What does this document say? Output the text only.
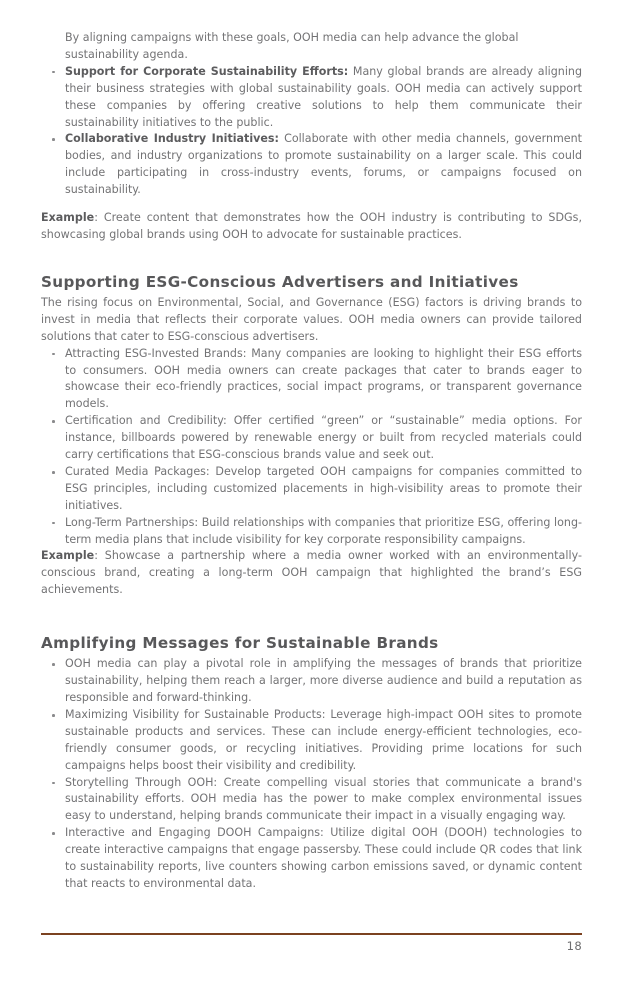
By aligning campaigns with these goals, OOH media can help advance the global sustainability agenda.

Support for Corporate Sustainability Efforts: Many global brands are already aligning their business strategies with global sustainability goals. OOH media can actively support these companies by offering creative solutions to help them communicate their sustainability initiatives to the public.
Collaborative Industry Initiatives: Collaborate with other media channels, government bodies, and industry organizations to promote sustainability on a larger scale. This could include participating in cross-industry events, forums, or campaigns focused on sustainability.

Example: Create content that demonstrates how the OOH industry is contributing to SDGs, showcasing global brands using OOH to advocate for sustainable practices.

Supporting ESG-Conscious Advertisers and Initiatives

The rising focus on Environmental, Social, and Governance (ESG) factors is driving brands to invest in media that reflects their corporate values. OOH media owners can provide tailored solutions that cater to ESG-conscious advertisers.

Attracting ESG-Invested Brands: Many companies are looking to highlight their ESG efforts to consumers. OOH media owners can create packages that cater to brands eager to showcase their eco-friendly practices, social impact programs, or transparent governance models.
Certification and Credibility: Offer certified “green” or “sustainable” media options. For instance, billboards powered by renewable energy or built from recycled materials could carry certifications that ESG-conscious brands value and seek out.
Curated Media Packages: Develop targeted OOH campaigns for companies committed to ESG principles, including customized placements in high-visibility areas to promote their initiatives.
Long-Term Partnerships: Build relationships with companies that prioritize ESG, offering long-term media plans that include visibility for key corporate responsibility campaigns.

Example: Showcase a partnership where a media owner worked with an environmentally-conscious brand, creating a long-term OOH campaign that highlighted the brand’s ESG achievements.

Amplifying Messages for Sustainable Brands
OOH media can play a pivotal role in amplifying the messages of brands that prioritize sustainability, helping them reach a larger, more diverse audience and build a reputation as responsible and forward-thinking.
Maximizing Visibility for Sustainable Products: Leverage high-impact OOH sites to promote sustainable products and services. These can include energy-efficient technologies, eco-friendly consumer goods, or recycling initiatives. Providing prime locations for such campaigns helps boost their visibility and credibility.
Storytelling Through OOH: Create compelling visual stories that communicate a brand's sustainability efforts. OOH media has the power to make complex environmental issues easy to understand, helping brands communicate their impact in a visually engaging way.
Interactive and Engaging DOOH Campaigns: Utilize digital OOH (DOOH) technologies to create interactive campaigns that engage passersby. These could include QR codes that link to sustainability reports, live counters showing carbon emissions saved, or dynamic content that reacts to environmental data.
18
